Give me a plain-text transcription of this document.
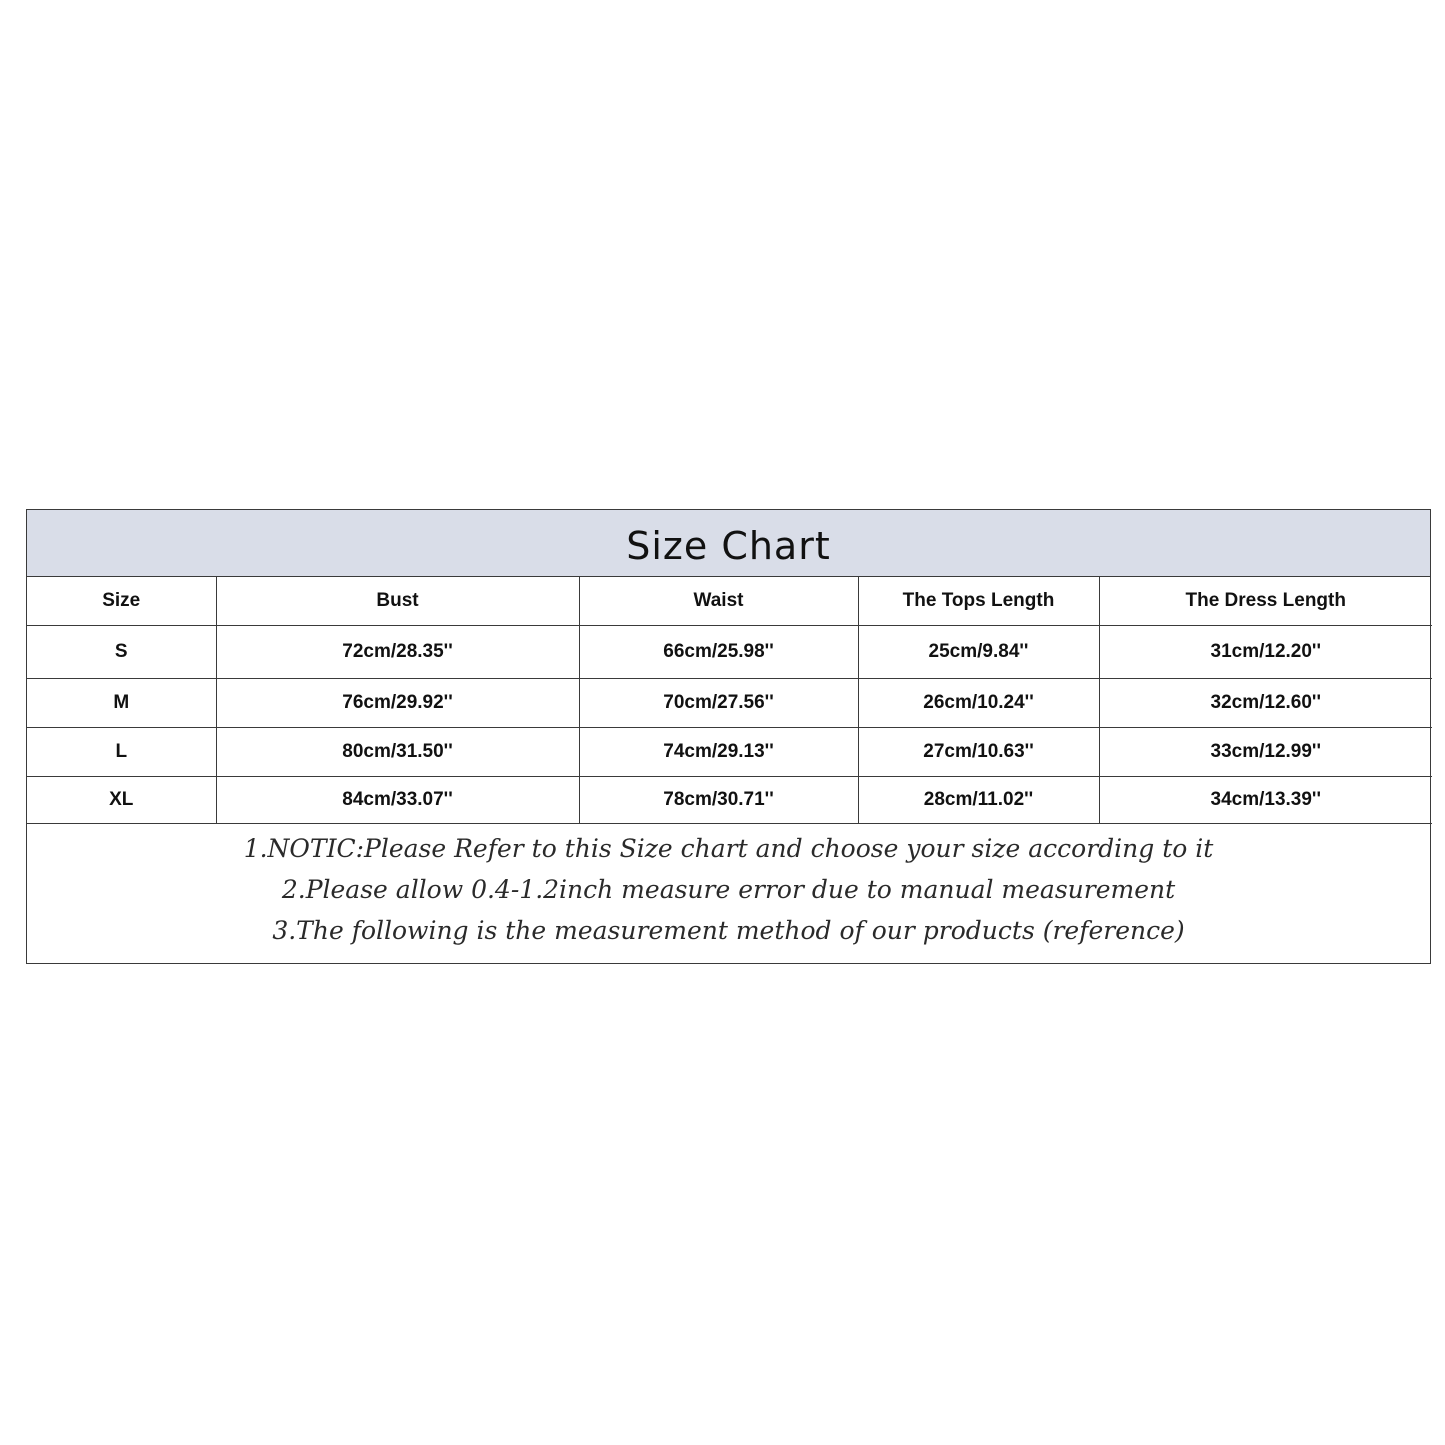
Size Chart
Size	Bust	Waist	The Tops Length	The Dress Length
S	72cm/28.35''	66cm/25.98''	25cm/9.84''	31cm/12.20''
M	76cm/29.92''	70cm/27.56''	26cm/10.24''	32cm/12.60''
L	80cm/31.50''	74cm/29.13''	27cm/10.63''	33cm/12.99''
XL	84cm/33.07''	78cm/30.71''	28cm/11.02''	34cm/13.39''
1.NOTIC:Please Refer to this Size chart and choose your size according to it
2.Please allow 0.4-1.2inch measure error due to manual measurement
3.The following is the measurement method of our products (reference)
